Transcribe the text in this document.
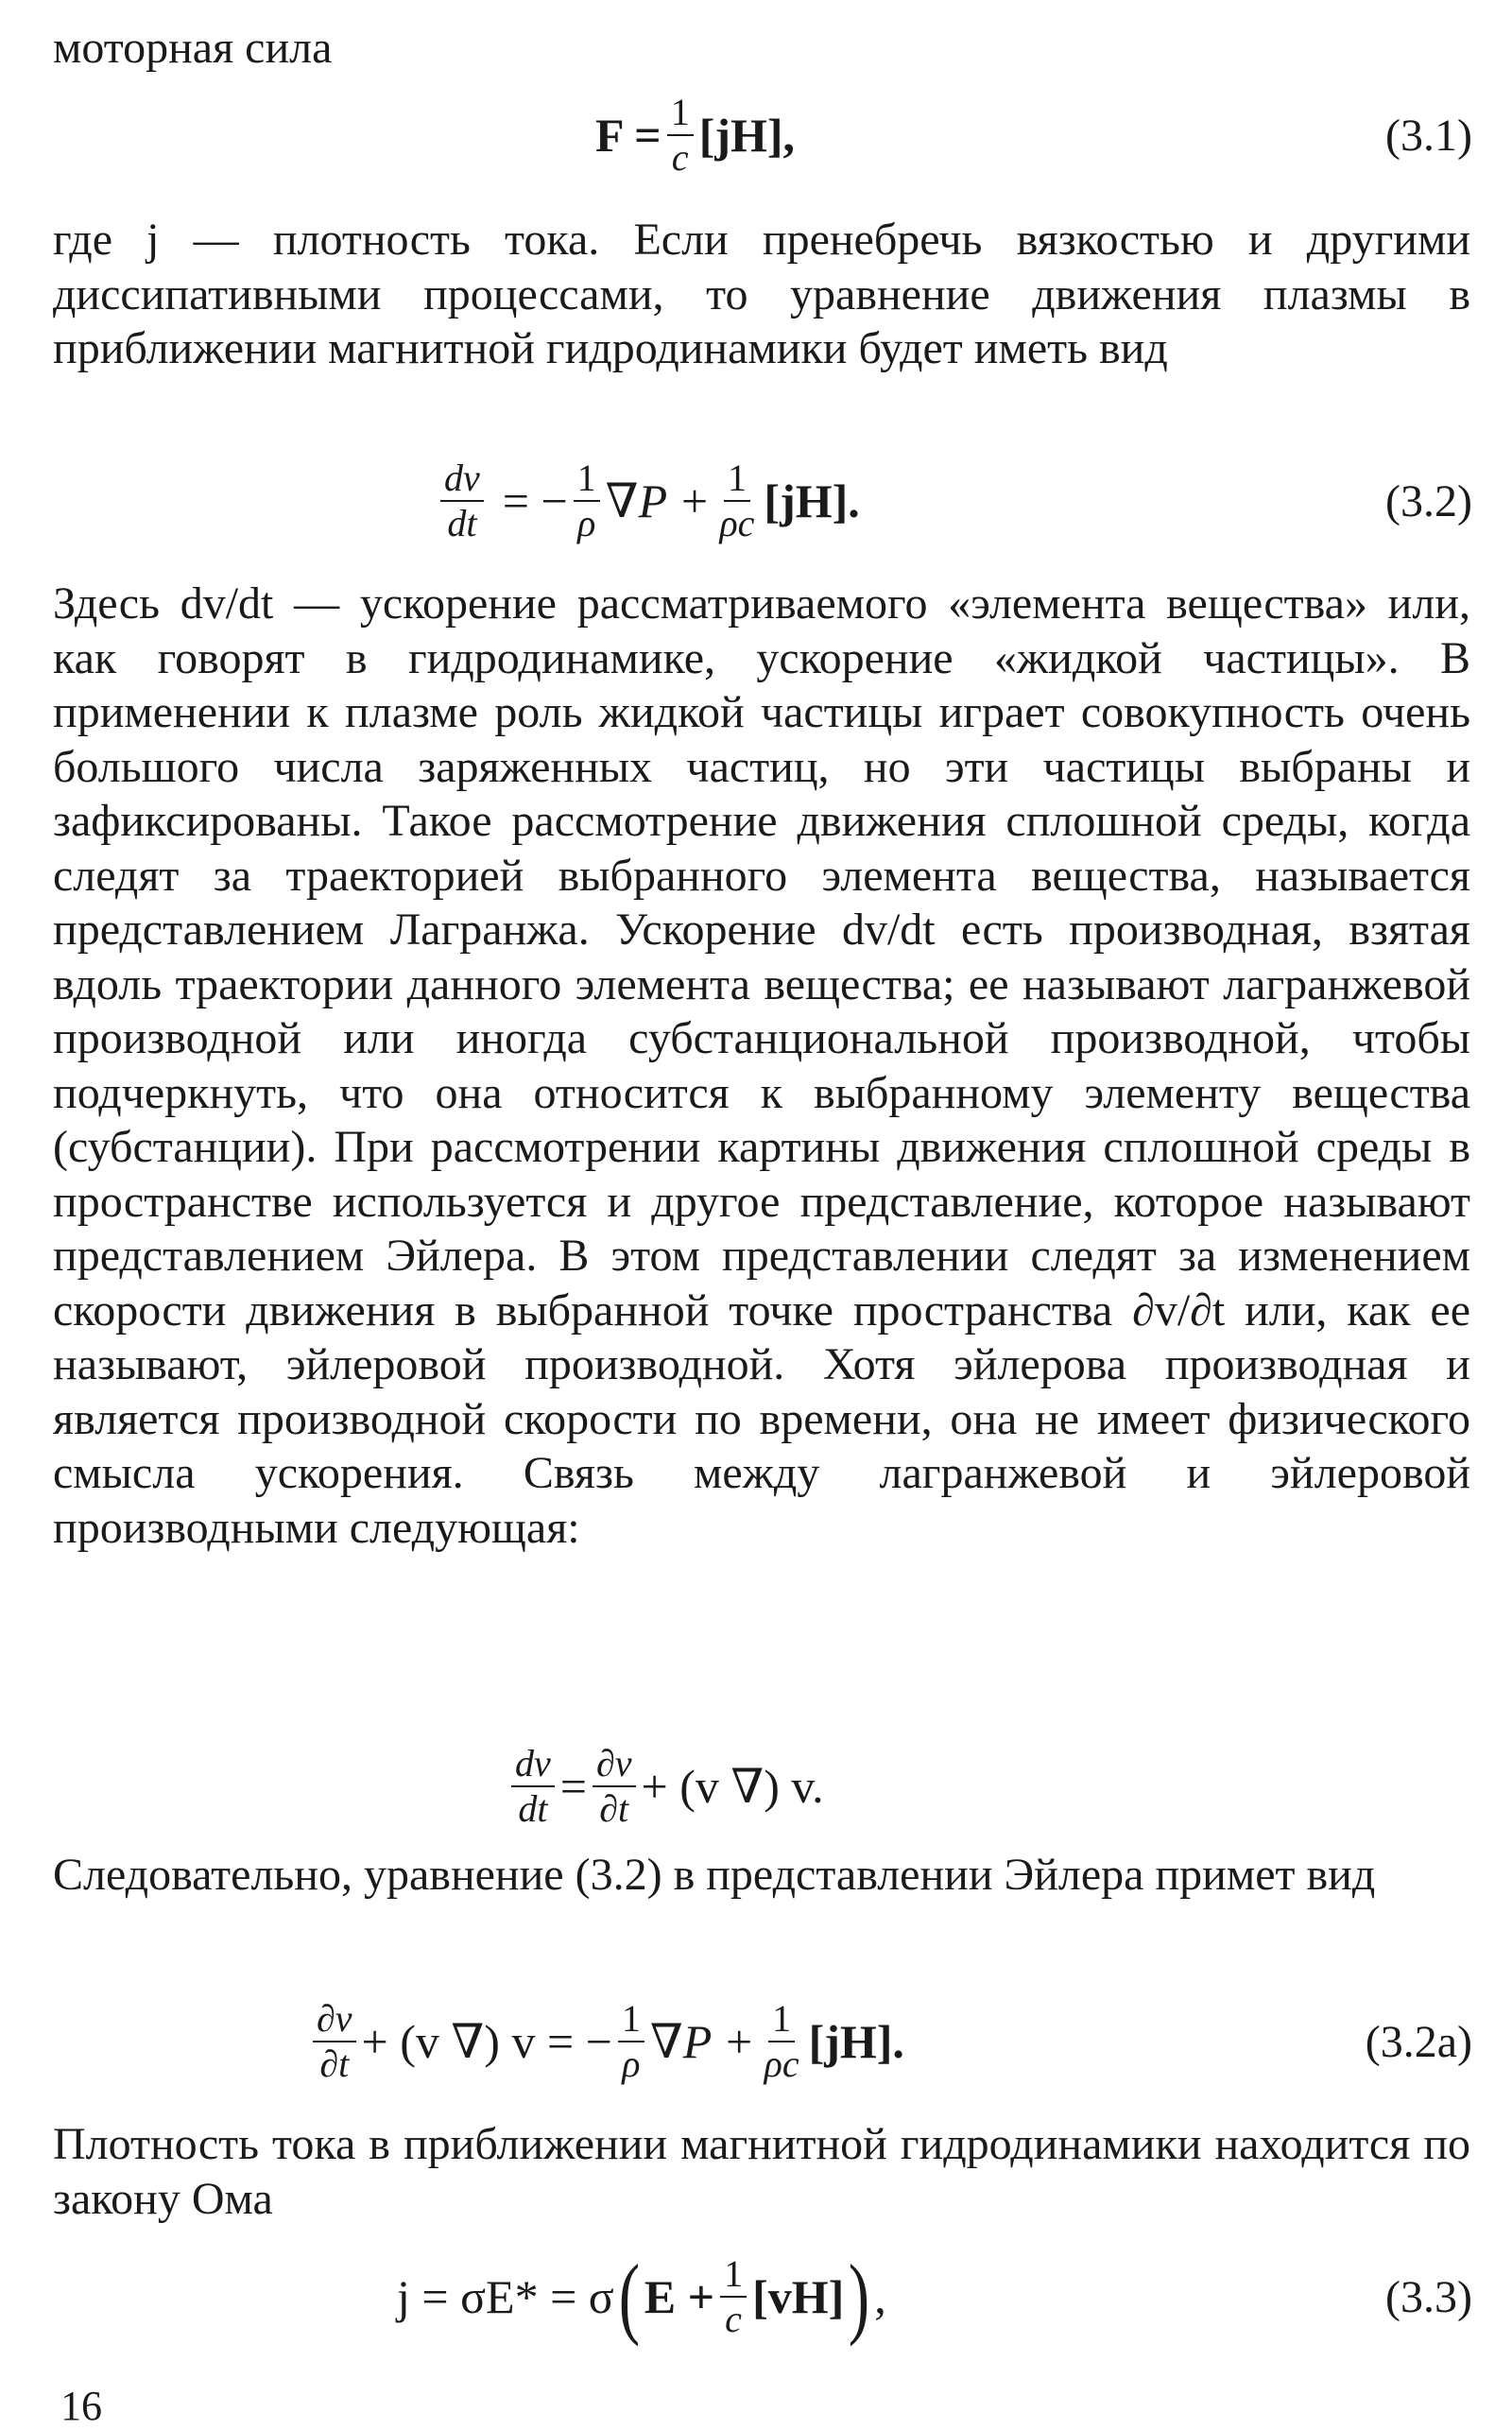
моторная сила

$F = \frac{1}{c} [jH]$,	(3.1)

где j — плотность тока. Если пренебречь вязкостью и другими диссипативными процессами, то уравнение движения плазмы в приближении магнитной гидродинамики будет иметь вид

$\frac{dv}{dt}$ = − $\frac{1}{\rho} \nabla P + \frac{1}{\rho c} [jH]$.	(3.2)

Здесь dv/dt — ускорение рассматриваемого «элемента вещества» или, как говорят в гидродинамике, ускорение «жидкой частицы». В применении к плазме роль жидкой частицы играет совокупность очень большого числа заряженных частиц, но эти частицы выбраны и зафиксированы. Такое рассмотрение движения сплошной среды, когда следят за траекторией выбранного элемента вещества, называется представлением Лагранжа. Ускорение dv/dt есть производная, взятая вдоль траектории данного элемента вещества; ее называют лагранжевой производной или иногда субстанциональной производной, чтобы подчеркнуть, что она относится к выбранному элементу вещества (субстанции). При рассмотрении картины движения сплошной среды в пространстве используется и другое представление, которое называют представлением Эйлера. В этом представлении следят за изменением скорости движения в выбранной точке пространства ∂v/∂t или, как ее называют, эйлеровой производной. Хотя эйлерова производная и является производной скорости по времени, она не имеет физического смысла ускорения. Связь между лагранжевой и эйлеровой производными следующая:

$\frac{dv}{dt} = \frac{\partial v}{\partial t} + (v$ ∇) v.

Следовательно, уравнение (3.2) в представлении Эйлера примет вид

$\frac{\partial v}{\partial t} + (v$ ∇) v = − $\frac{1}{\rho} \nabla P + \frac{1}{\rho c} [jH]$.	(3.2a)

Плотность тока в приближении магнитной гидродинамики находится по закону Ома

j = σE* = σ ( $E + \frac{1}{c} [vH]$ ) ,	(3.3)
16
